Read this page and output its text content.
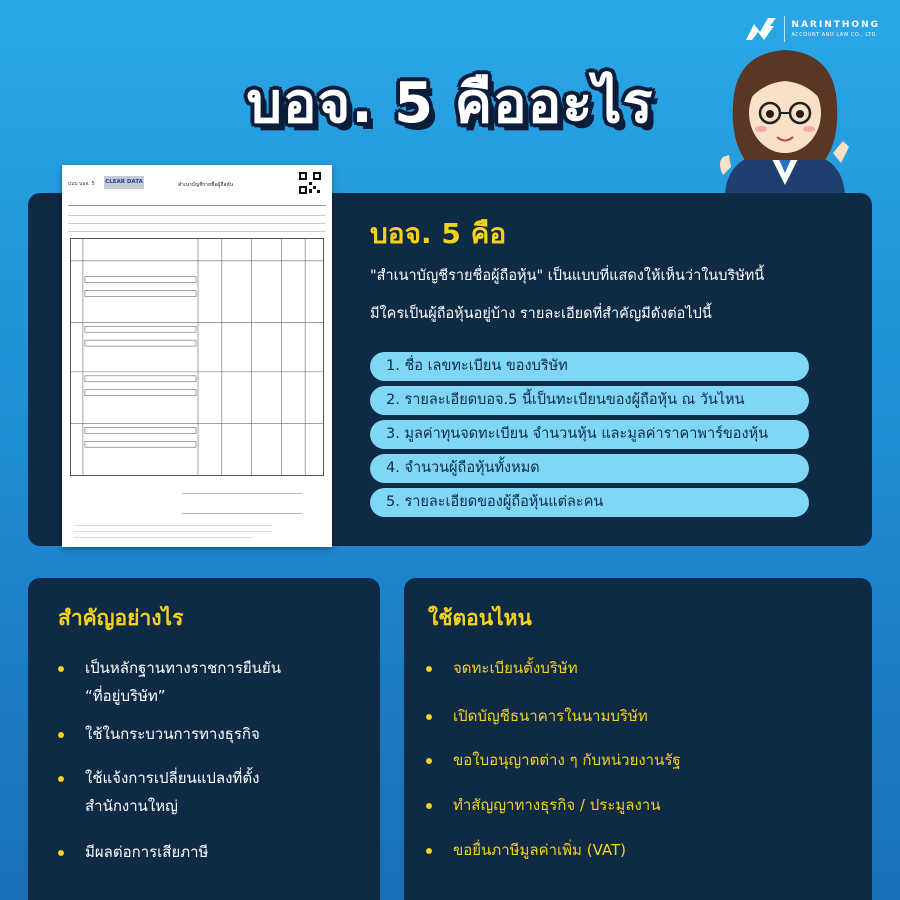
NARINTHONG
ACCOUNT AND LAW CO., LTD.
บอจ. 5 คืออะไร
แบบ บอจ. 5 CLEAR DATA	สำเนาบัญชีรายชื่อผู้ถือหุ้น
บอจ. 5 คือ
"สำเนาบัญชีรายชื่อผู้ถือหุ้น" เป็นแบบที่แสดงให้เห็นว่าในบริษัทนี้
มีใครเป็นผู้ถือหุ้นอยู่บ้าง รายละเอียดที่สำคัญมีดังต่อไปนี้
1. ชื่อ เลขทะเบียน ของบริษัท
2. รายละเอียดบอจ.5 นี้เป็นทะเบียนของผู้ถือหุ้น ณ วันไหน
3. มูลค่าทุนจดทะเบียน จำนวนหุ้น และมูลค่าราคาพาร์ของหุ้น
4. จำนวนผู้ถือหุ้นทั้งหมด
5. รายละเอียดของผู้ถือหุ้นแต่ละคน
สำคัญอย่างไร
เป็นหลักฐานทางราชการยืนยัน
“ที่อยู่บริษัท”
ใช้ในกระบวนการทางธุรกิจ
ใช้แจ้งการเปลี่ยนแปลงที่ตั้ง
สำนักงานใหญ่
มีผลต่อการเสียภาษี
ใช้ตอนไหน
จดทะเบียนตั้งบริษัท
เปิดบัญชีธนาคารในนามบริษัท
ขอใบอนุญาตต่าง ๆ กับหน่วยงานรัฐ
ทำสัญญาทางธุรกิจ / ประมูลงาน
ขอยื่นภาษีมูลค่าเพิ่ม (VAT)
